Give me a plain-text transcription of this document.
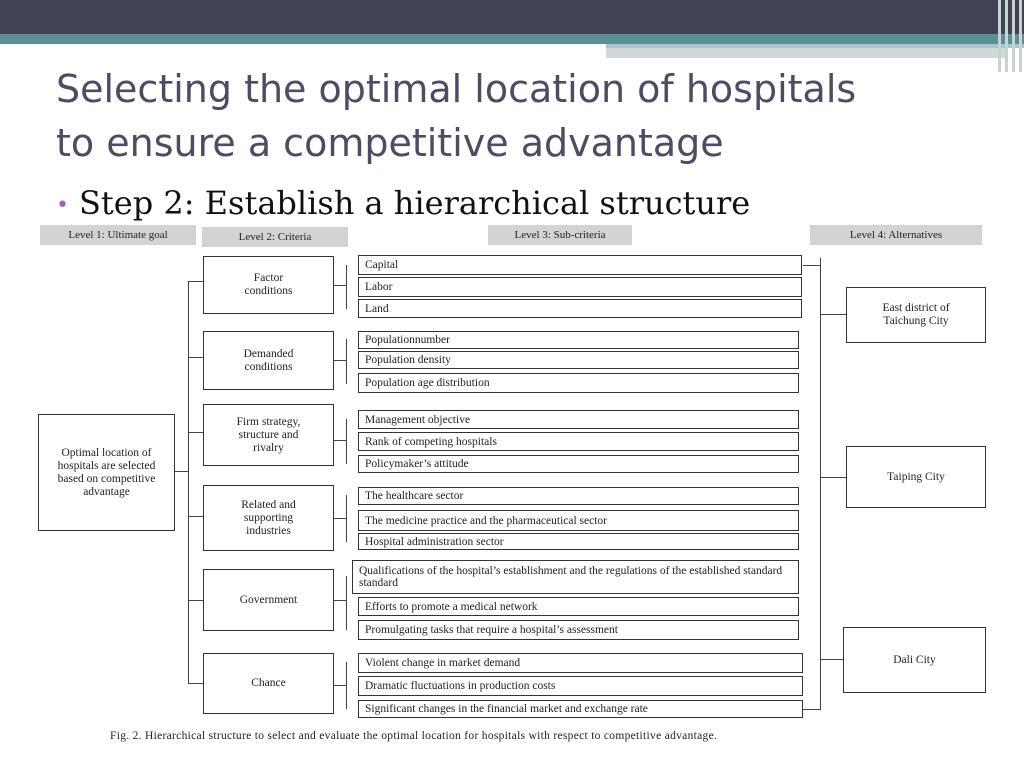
Selecting the optimal location of hospitals
to ensure a competitive advantage
• Step 2: Establish a hierarchical structure
Level 1: Ultimate goal	Level 2: Criteria	Level 3: Sub-criteria	Level 4: Alternatives
Optimal location of hospitals are selected based on competitive advantage
Factor conditions
Demanded conditions
Firm strategy, structure and rivalry
Related and supporting industries
Government
Chance
Capital
Labor
Land
Populationnumber
Population density
Population age distribution
Management objective
Rank of competing hospitals
Policymaker’s attitude
The healthcare sector
The medicine practice and the pharmaceutical sector
Hospital administration sector
Qualifications of the hospital’s establishment and the regulations of the established standard standard
Efforts to promote a medical network
Promulgating tasks that require a hospital’s assessment
Violent change in market demand
Dramatic fluctuations in production costs
Significant changes in the financial market and exchange rate
East district of Taichung City
Taiping City
Dali City
Fig. 2. Hierarchical structure to select and evaluate the optimal location for hospitals with respect to competitive advantage.
